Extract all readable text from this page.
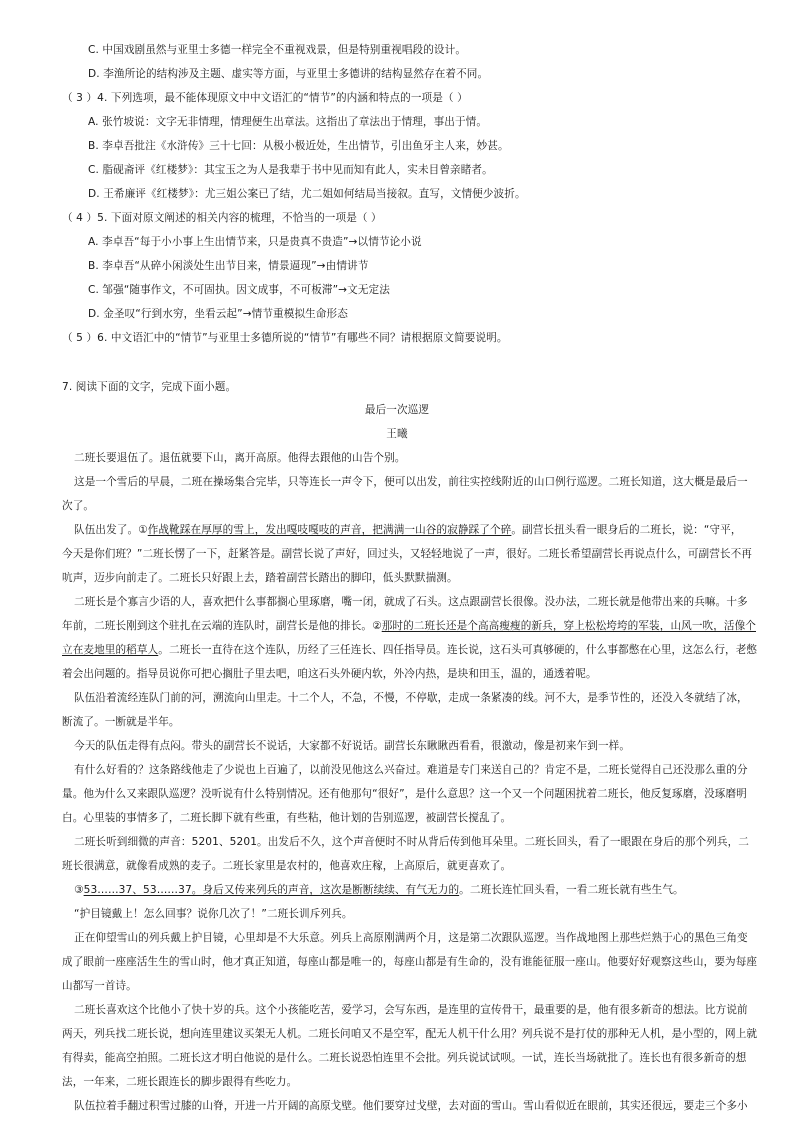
C. 中国戏剧虽然与亚里士多德一样完全不重视戏景，但是特别重视唱段的设计。
D. 李渔所论的结构涉及主题、虚实等方面，与亚里士多德讲的结构显然存在着不同。
（ 3 ）4. 下列选项，最不能体现原文中中文语汇的“情节”的内涵和特点的一项是（ ）
A. 张竹坡说：文字无非情理，情理便生出章法。这指出了章法出于情理，事出于情。
B. 李卓吾批注《水浒传》三十七回：从极小极近处，生出情节，引出鱼牙主人来，妙甚。
C. 脂砚斋评《红楼梦》：其宝玉之为人是我辈于书中见而知有此人，实未目曾亲睹者。
D. 王希廉评《红楼梦》：尤三姐公案已了结，尤二姐如何结局当接叙。直写，文情便少波折。
（ 4 ）5. 下面对原文阐述的相关内容的梳理，不恰当的一项是（ ）
A. 李卓吾“每于小小事上生出情节来，只是贵真不贵造”→以情节论小说
B. 李卓吾“从碎小闲淡处生出节目来，情景逼现”→由情讲节
C. 邹强“随事作文，不可固执。因文成事，不可板滞”→文无定法
D. 金圣叹“行到水穷，坐看云起”→情节重模拟生命形态
（ 5 ）6. 中文语汇中的“情节”与亚里士多德所说的“情节”有哪些不同？请根据原文简要说明。
7. 阅读下面的文字，完成下面小题。
最后一次巡逻
王曦
二班长要退伍了。退伍就要下山，离开高原。他得去跟他的山告个别。
这是一个雪后的早晨，二班在操场集合完毕，只等连长一声令下，便可以出发，前往实控线附近的山口例行巡逻。二班长知道，这大概是最后一
次了。
队伍出发了。①作战靴踩在厚厚的雪上，发出嘎吱嘎吱的声音，把满满一山谷的寂静踩了个碎。副营长扭头看一眼身后的二班长，说：“守平，
今天是你们班？”二班长愣了一下，赶紧答是。副营长说了声好，回过头，又轻轻地说了一声，很好。二班长希望副营长再说点什么，可副营长不再
吭声，迈步向前走了。二班长只好跟上去，踏着副营长踏出的脚印，低头默默揣测。
二班长是个寡言少语的人，喜欢把什么事都搁心里琢磨，嘴一闭，就成了石头。这点跟副营长很像。没办法，二班长就是他带出来的兵嘛。十多
年前，二班长刚到这个驻扎在云端的连队时，副营长是他的排长。②那时的二班长还是个高高瘦瘦的新兵，穿上松松垮垮的军装，山风一吹，活像个
立在麦地里的稻草人。二班长一直待在这个连队，历经了三任连长、四任指导员。连长说，这石头可真够硬的，什么事都憋在心里，这怎么行，老憋
着会出问题的。指导员说你可把心搁肚子里去吧，咱这石头外硬内软，外冷内热，是块和田玉，温的，通透着呢。
队伍沿着流经连队门前的河，溯流向山里走。十二个人，不急，不慢，不停歇，走成一条紧凑的线。河不大，是季节性的，还没入冬就结了冰，
断流了。一断就是半年。
今天的队伍走得有点闷。带头的副营长不说话，大家都不好说话。副营长东瞅瞅西看看，很激动，像是初来乍到一样。
有什么好看的？这条路线他走了少说也上百遍了，以前没见他这么兴奋过。难道是专门来送自己的？肯定不是，二班长觉得自己还没那么重的分
量。他为什么又来跟队巡逻？没听说有什么特别情况。还有他那句“很好”，是什么意思？这一个又一个问题困扰着二班长，他反复琢磨，没琢磨明
白。心里装的事情多了，二班长脚下就有些重，有些粘，他计划的告别巡逻，被副营长搅乱了。
二班长听到细微的声音：5201、5201。出发后不久，这个声音便时不时从背后传到他耳朵里。二班长回头，看了一眼跟在身后的那个列兵，二
班长很满意，就像看成熟的麦子。二班长家里是农村的，他喜欢庄稼，上高原后，就更喜欢了。
③53……37、53……37。身后又传来列兵的声音，这次是断断续续、有气无力的。二班长连忙回头看，一看二班长就有些生气。
“护目镜戴上！怎么回事？说你几次了！”二班长训斥列兵。
正在仰望雪山的列兵戴上护目镜，心里却是不大乐意。列兵上高原刚满两个月，这是第二次跟队巡逻。当作战地图上那些烂熟于心的黑色三角变
成了眼前一座座活生生的雪山时，他才真正知道，每座山都是唯一的，每座山都是有生命的，没有谁能征服一座山。他要好好观察这些山，要为每座
山都写一首诗。
二班长喜欢这个比他小了快十岁的兵。这个小孩能吃苦，爱学习，会写东西，是连里的宣传骨干，最重要的是，他有很多新奇的想法。比方说前
两天，列兵找二班长说，想向连里建议买架无人机。二班长问咱又不是空军，配无人机干什么用？列兵说不是打仗的那种无人机，是小型的，网上就
有得卖，能高空拍照。二班长这才明白他说的是什么。二班长说恐怕连里不会批。列兵说试试呗。一试，连长当场就批了。连长也有很多新奇的想
法，一年来，二班长跟连长的脚步跟得有些吃力。
队伍拉着手翻过积雪过膝的山脊，开进一片开阔的高原戈壁。他们要穿过戈壁，去对面的雪山。雪山看似近在眼前，其实还很远，要走三个多小
